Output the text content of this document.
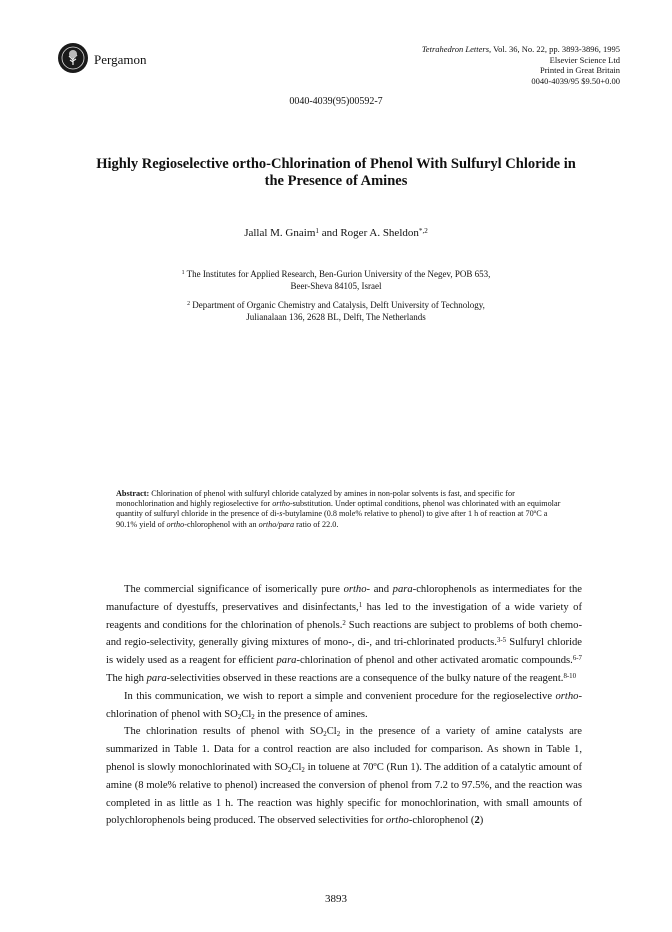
Pergamon
Tetrahedron Letters, Vol. 36, No. 22, pp. 3893-3896, 1995
Elsevier Science Ltd
Printed in Great Britain
0040-4039/95 $9.50+0.00
0040-4039(95)00592-7
Highly Regioselective ortho-Chlorination of Phenol With Sulfuryl Chloride in the Presence of Amines
Jallal M. Gnaim$^1$ and Roger A. Sheldon$^{*,2}$
$^1$ The Institutes for Applied Research, Ben-Gurion University of the Negev, POB 653,
Beer-Sheva 84105, Israel
$^2$ Department of Organic Chemistry and Catalysis, Delft University of Technology,
Julianalaan 136, 2628 BL, Delft, The Netherlands
Abstract: Chlorination of phenol with sulfuryl chloride catalyzed by amines in non-polar solvents is fast, and specific for monochlorination and highly regioselective for ortho-substitution. Under optimal conditions, phenol was chlorinated with an equimolar quantity of sulfuryl chloride in the presence of di-s-butylamine (0.8 mole% relative to phenol) to give after 1 h of reaction at 70ºC a 90.1% yield of ortho-chlorophenol with an ortho/para ratio of 22.0.

The commercial significance of isomerically pure ortho- and para-chlorophenols as intermediates for the manufacture of dyestuffs, preservatives and disinfectants,$^1$ has led to the investigation of a wide variety of reagents and conditions for the chlorination of phenols.$^2$ Such reactions are subject to problems of both chemo- and regio-selectivity, generally giving mixtures of mono-, di-, and tri-chlorinated products.$^{3-5}$ Sulfuryl chloride is widely used as a reagent for efficient para-chlorination of phenol and other activated aromatic compounds.$^{6-7}$ The high para-selectivities observed in these reactions are a consequence of the bulky nature of the reagent.$^{8-10}$

In this communication, we wish to report a simple and convenient procedure for the regioselective ortho-chlorination of phenol with $SO_2Cl_2$ in the presence of amines.

The chlorination results of phenol with $SO_2Cl_2$ in the presence of a variety of amine catalysts are summarized in Table 1. Data for a control reaction are also included for comparison. As shown in Table 1, phenol is slowly monochlorinated with $SO_2Cl_2$ in toluene at 70ºC (Run 1). The addition of a catalytic amount of amine (8 mole% relative to phenol) increased the conversion of phenol from 7.2 to 97.5%, and the reaction was completed in as little as 1 h. The reaction was highly specific for monochlorination, with small amounts of polychlorophenols being produced. The observed selectivities for ortho-chlorophenol (2)

3893
